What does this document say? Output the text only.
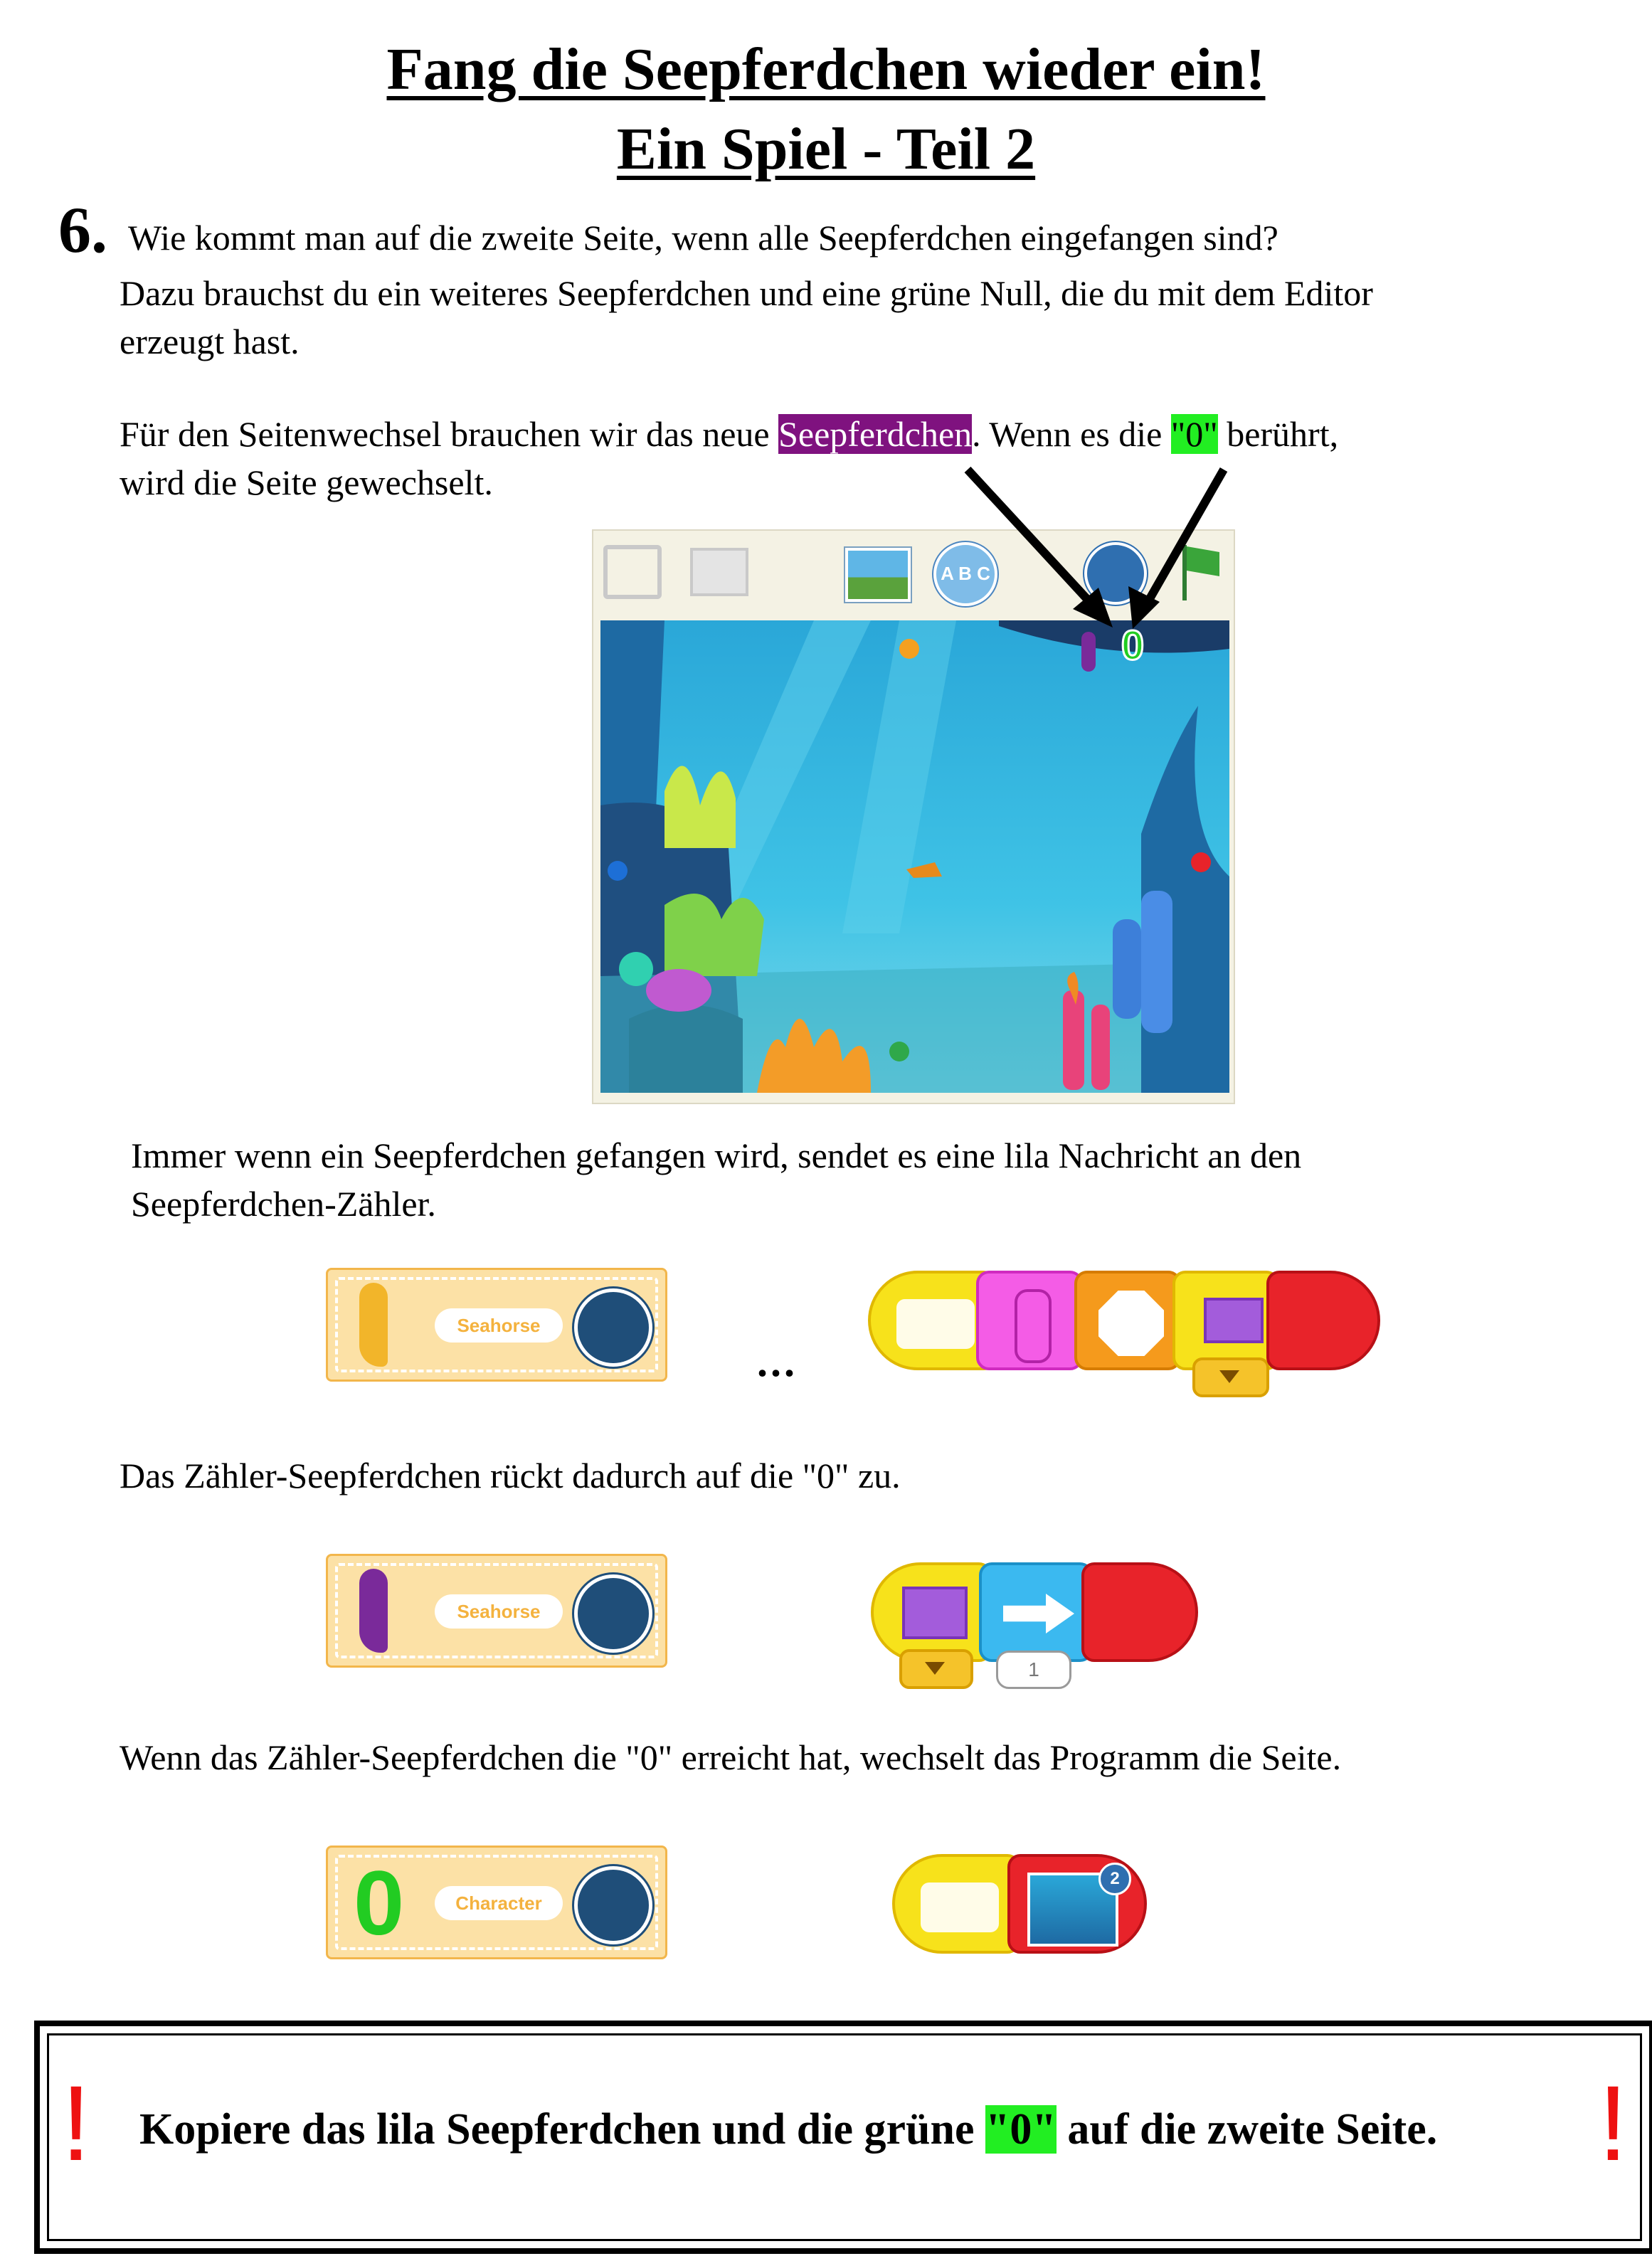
Fang die Seepferdchen wieder ein!
Ein Spiel - Teil 2
6. Wie kommt man auf die zweite Seite, wenn alle Seepferdchen eingefangen sind?
Dazu brauchst du ein weiteres Seepferdchen und eine grüne Null, die du mit dem Editor
erzeugt hast.
Für den Seitenwechsel brauchen wir das neue Seepferdchen. Wenn es die "0" berührt,
wird die Seite gewechselt.
A B C
0
Immer wenn ein Seepferdchen gefangen wird, sendet es eine lila Nachricht an den
Seepferdchen-Zähler.
Seahorse
...
Das Zähler-Seepferdchen rückt dadurch auf die "0" zu.
Seahorse
1
Wenn das Zähler-Seepferdchen die "0" erreicht hat, wechselt das Programm die Seite.
0	Character
2
!	!
Kopiere das lila Seepferdchen und die grüne "0" auf die zweite Seite.
